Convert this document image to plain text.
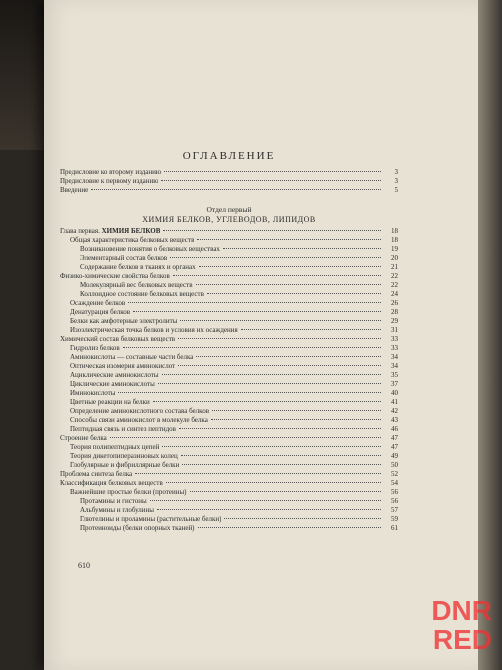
ОГЛАВЛЕНИЕ
Предисловие ко второму изданию	3
Предисловие к первому изданию	3
Введение	5
Отдел первый
ХИМИЯ БЕЛКОВ, УГЛЕВОДОВ, ЛИПИДОВ
Глава первая. ХИМИЯ БЕЛКОВ	18
Общая характеристика белковых веществ	18
Возникновение понятия о белковых веществах	19
Элементарный состав белков	20
Содержание белков в тканях и органах	21
Физико-химические свойства белков	22
Молекулярный вес белковых веществ	22
Коллоидное состояние белковых веществ	24
Осаждение белков	26
Денатурация белков	28
Белки как амфотерные электролиты	29
Изоэлектрическая точка белков и условия их осаждения	31
Химический состав белковых веществ	33
Гидролиз белков	33
Аминокислоты — составные части белка	34
Оптическая изомерия аминокислот	34
Ациклические аминокислоты	35
Циклические аминокислоты	37
Иминокислоты	40
Цветные реакции на белки	41
Определение аминокислотного состава белков	42
Способы связи аминокислот в молекуле белка	43
Пептидная связь и синтез пептидов	46
Строение белка	47
Теория полипептидных цепей	47
Теория дикетопиперазиновых колец	49
Глобулярные и фибриллярные белки	50
Проблема синтеза белка	52
Классификация белковых веществ	54
Важнейшие простые белки (протеины)	56
Протамины и гистоны	56
Альбумины и глобулины	57
Глютелины и проламины (растительные белки)	59
Протеиноиды (белки опорных тканей)	61
610
DNR
RED
